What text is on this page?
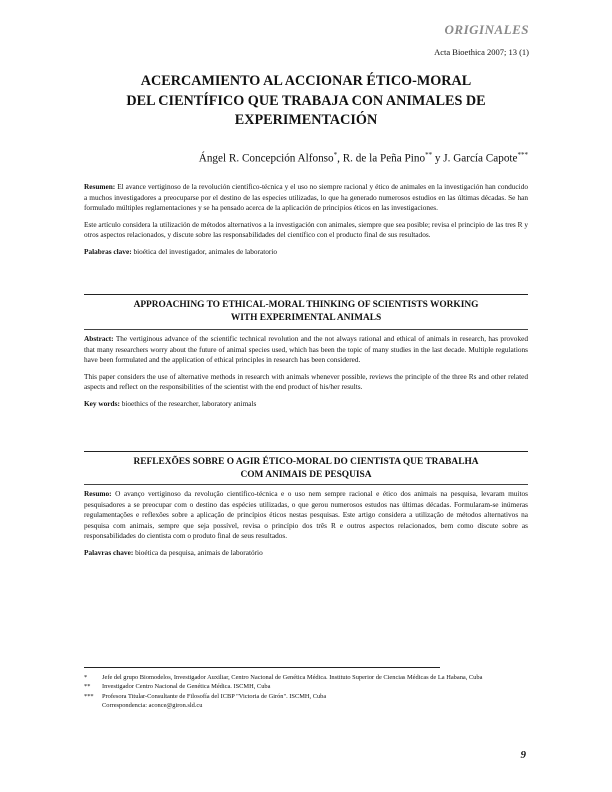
ORIGINALES
Acta Bioethica 2007; 13 (1)
ACERCAMIENTO AL ACCIONAR ÉTICO-MORAL
DEL CIENTÍFICO QUE TRABAJA CON ANIMALES DE
EXPERIMENTACIÓN
Ángel R. Concepción Alfonso*, R. de la Peña Pino** y J. García Capote***

Resumen: El avance vertiginoso de la revolución científico-técnica y el uso no siempre racional y ético de animales en la investigación han conducido a muchos investigadores a preocuparse por el destino de las especies utilizadas, lo que ha generado numerosos estudios en las últimas décadas. Se han formulado múltiples reglamentaciones y se ha pensado acerca de la aplicación de principios éticos en las investigaciones.

Este artículo considera la utilización de métodos alternativos a la investigación con animales, siempre que sea posible; revisa el principio de las tres R y otros aspectos relacionados, y discute sobre las responsabilidades del científico con el producto final de sus resultados.

Palabras clave: bioética del investigador, animales de laboratorio

APPROACHING TO ETHICAL-MORAL THINKING OF SCIENTISTS WORKING
WITH EXPERIMENTAL ANIMALS

Abstract: The vertiginous advance of the scientific technical revolution and the not always rational and ethical of animals in research, has provoked that many researchers worry about the future of animal species used, which has been the topic of many studies in the last decade. Multiple regulations have been formulated and the application of ethical principles in research has been considered.

This paper considers the use of alternative methods in research with animals whenever possible, reviews the principle of the three Rs and other related aspects and reflect on the responsibilities of the scientist with the end product of his/her results.

Key words: bioethics of the researcher, laboratory animals

REFLEXÕES SOBRE O AGIR ÉTICO-MORAL DO CIENTISTA QUE TRABALHA
COM ANIMAIS DE PESQUISA

Resumo: O avanço vertiginoso da revolução científico-técnica e o uso nem sempre racional e ético dos animais na pesquisa, levaram muitos pesquisadores a se preocupar com o destino das espécies utilizadas, o que gerou numerosos estudos nas últimas décadas. Formularam-se inúmeras regulamentações e reflexões sobre a aplicação de princípios éticos nestas pesquisas. Este artigo considera a utilização de métodos alternativos na pesquisa com animais, sempre que seja possível, revisa o princípio dos três R e outros aspectos relacionados, bem como discute sobre as responsabilidades do cientista com o produto final de seus resultados.

Palavras chave: bioética da pesquisa, animais de laboratório

*	Jefe del grupo Biomodelos, Investigador Auxiliar, Centro Nacional de Genética Médica. Instituto Superior de Ciencias Médicas de La Habana, Cuba
**	Investigador Centro Nacional de Genética Médica. ISCMH, Cuba
***	Profesora Titular-Consultante de Filosofía del ICBP "Victoria de Girón". ISCMH, Cuba
Correspondencia: aconce@giron.sld.cu
9
